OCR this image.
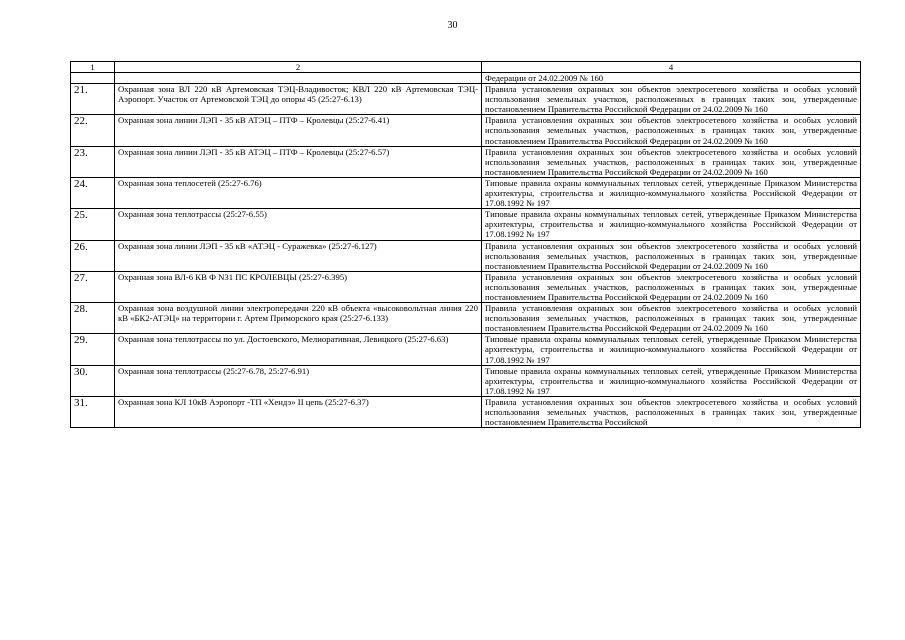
30
1	2	4
		Федерации от 24.02.2009 № 160
21.	Охранная зона ВЛ 220 кВ Артемовская ТЭЦ-Владивосток; КВЛ 220 кВ Артемовская ТЭЦ-Аэропорт. Участок от Артемовской ТЭЦ до опоры 45 (25:27-6.13)	Правила установления охранных зон объектов электросетевого хозяйства и особых условий использования земельных участков, расположенных в границах таких зон, утвержденные постановлением Правительства Российской Федерации от 24.02.2009 № 160
22.	Охранная зона линии ЛЭП - 35 кВ АТЭЦ – ПТФ – Кролевцы (25:27-6.41)	Правила установления охранных зон объектов электросетевого хозяйства и особых условий использования земельных участков, расположенных в границах таких зон, утвержденные постановлением Правительства Российской Федерации от 24.02.2009 № 160
23.	Охранная зона линии ЛЭП - 35 кВ АТЭЦ – ПТФ – Кролевцы (25:27-6.57)	Правила установления охранных зон объектов электросетевого хозяйства и особых условий использования земельных участков, расположенных в границах таких зон, утвержденные постановлением Правительства Российской Федерации от 24.02.2009 № 160
24.	Охранная зона теплосетей (25:27-6.76)	Типовые правила охраны коммунальных тепловых сетей, утвержденные Приказом Министерства архитектуры, строительства и жилищно-коммунального хозяйства Российской Федерации от 17.08.1992 № 197
25.	Охранная зона теплотрассы (25:27-6.55)	Типовые правила охраны коммунальных тепловых сетей, утвержденные Приказом Министерства архитектуры, строительства и жилищно-коммунального хозяйства Российской Федерации от 17.08.1992 № 197
26.	Охранная зона линии ЛЭП - 35 кВ «АТЭЦ - Суражевка» (25:27-6.127)	Правила установления охранных зон объектов электросетевого хозяйства и особых условий использования земельных участков, расположенных в границах таких зон, утвержденные постановлением Правительства Российской Федерации от 24.02.2009 № 160
27.	Охранная зона ВЛ-6 КВ Ф N31 ПС КРОЛЕВЦЫ (25:27-6.395)	Правила установления охранных зон объектов электросетевого хозяйства и особых условий использования земельных участков, расположенных в границах таких зон, утвержденные постановлением Правительства Российской Федерации от 24.02.2009 № 160
28.	Охранная зона воздушной линии электропередачи 220 кВ объекта «высоковольтная линия 220 кВ «БК2-АТЭЦ» на территории г. Артем Приморского края (25:27-6.133)	Правила установления охранных зон объектов электросетевого хозяйства и особых условий использования земельных участков, расположенных в границах таких зон, утвержденные постановлением Правительства Российской Федерации от 24.02.2009 № 160
29.	Охранная зона теплотрассы по ул. Достоевского, Мелиоративная, Левицкого (25:27-6.63)	Типовые правила охраны коммунальных тепловых сетей, утвержденные Приказом Министерства архитектуры, строительства и жилищно-коммунального хозяйства Российской Федерации от 17.08.1992 № 197
30.	Охранная зона теплотрассы (25:27-6.78, 25:27-6.91)	Типовые правила охраны коммунальных тепловых сетей, утвержденные Приказом Министерства архитектуры, строительства и жилищно-коммунального хозяйства Российской Федерации от 17.08.1992 № 197
31.	Охранная зона КЛ 10кВ Аэропорт -ТП «Хендэ» II цепь (25:27-6.37)	Правила установления охранных зон объектов электросетевого хозяйства и особых условий использования земельных участков, расположенных в границах таких зон, утвержденные постановлением Правительства Российской
